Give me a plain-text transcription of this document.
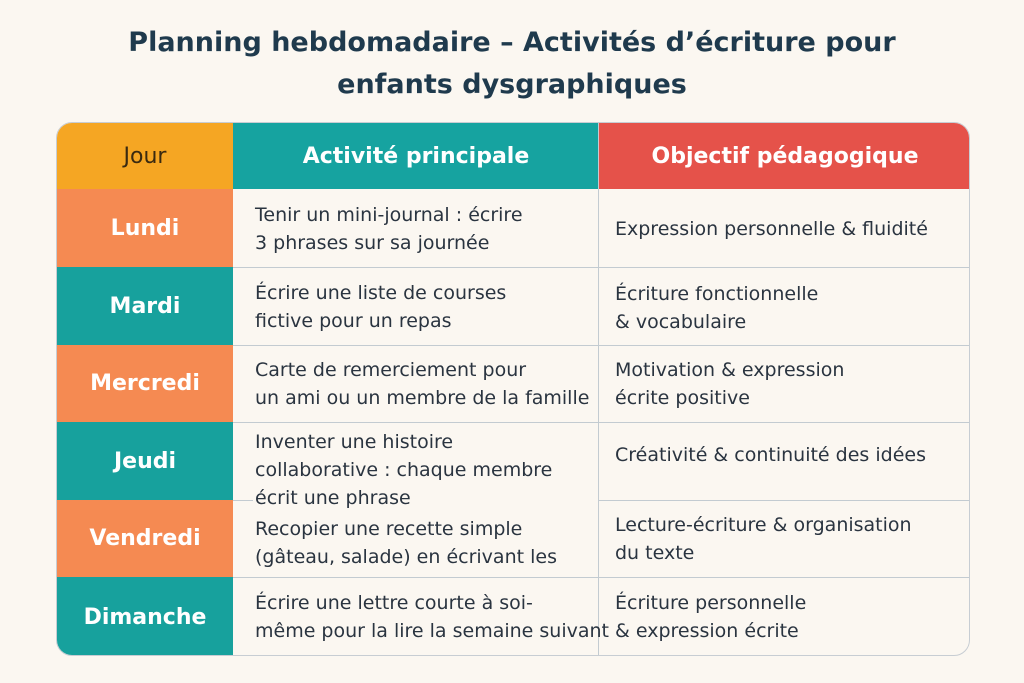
Planning hebdomadaire – Activités d’écriture pour
enfants dysgraphiques
Jour	Activité principale	Objectif pédagogique
Lundi
Mardi
Mercredi
Jeudi
Vendredi
Dimanche
Tenir un mini-journal : écrire
3 phrases sur sa journée
Écrire une liste de courses
fictive pour un repas
Carte de remerciement pour
un ami ou un membre de la famille
Inventer une histoire
collaborative : chaque membre
écrit une phrase
Recopier une recette simple
(gâteau, salade) en écrivant les
Écrire une lettre courte à soi-
même pour la lire la semaine suivant
Expression personnelle & fluidité
Écriture fonctionnelle
& vocabulaire
Motivation & expression
écrite positive
Créativité & continuité des idées
Lecture-écriture & organisation
du texte
Écriture personnelle
& expression écrite
